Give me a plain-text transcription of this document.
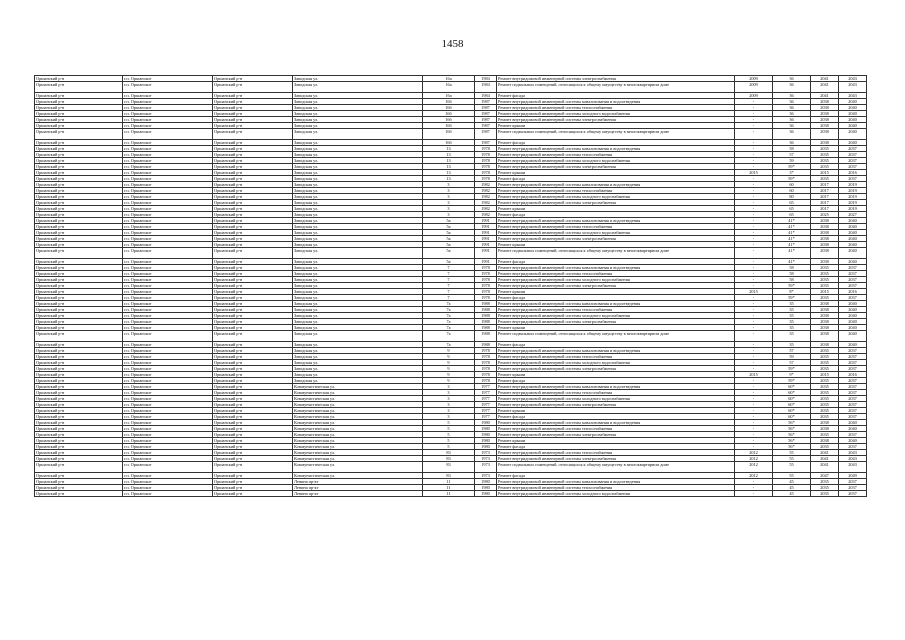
1458
Оршанский р-н	г.п. Оршанское	Оршанский р-н	Заводская ул.	16а	1984	Ремонт внутридомовой инженерной системы электроснабжения	2009	36	2041	2043
Оршанский р-н	г.п. Оршанское	Оршанский р-н	Заводская ул.	16а	1984	Ремонт подвальных помещений, относящихся к общему имуществу в многоквартирном доме	2009	36	2041	2043
Оршанский р-н	г.п. Оршанское	Оршанский р-н	Заводская ул.	16а	1984	Ремонт фасада	2009	36	2041	2043
Оршанский р-н	г.п. Оршанское	Оршанский р-н	Заводская ул.	16б	1987	Ремонт внутридомовой инженерной системы канализования и водоотведения	-	36	2038	2040
Оршанский р-н	г.п. Оршанское	Оршанский р-н	Заводская ул.	16б	1987	Ремонт внутридомовой инженерной системы теплоснабжения	-	36	2038	2040
Оршанский р-н	г.п. Оршанское	Оршанский р-н	Заводская ул.	16б	1987	Ремонт внутридомовой инженерной системы холодного водоснабжения	-	36	2038	2040
Оршанский р-н	г.п. Оршанское	Оршанский р-н	Заводская ул.	16б	1987	Ремонт внутридомовой инженерной системы электроснабжения	-	36	2038	2040
Оршанский р-н	г.п. Оршанское	Оршанский р-н	Заводская ул.	16б	1987	Ремонт крыши	-	36	2038	2040
Оршанский р-н	г.п. Оршанское	Оршанский р-н	Заводская ул.	16б	1987	Ремонт подвальных помещений, относящихся к общему имуществу в многоквартирном доме	-	36	2038	2040
Оршанский р-н	г.п. Оршанское	Оршанский р-н	Заводская ул.	16б	1987	Ремонт фасада	-	36	2038	2040
Оршанский р-н	г.п. Оршанское	Оршанский р-н	Заводская ул.	13	1978	Ремонт внутридомовой инженерной системы канализования и водоотведения	-	58	2035	2037
Оршанский р-н	г.п. Оршанское	Оршанский р-н	Заводская ул.	13	1978	Ремонт внутридомовой инженерной системы теплоснабжения	-	57	2035	2037
Оршанский р-н	г.п. Оршанское	Оршанский р-н	Заводская ул.	13	1978	Ремонт внутридомовой инженерной системы холодного водоснабжения	-	59	2035	2037
Оршанский р-н	г.п. Оршанское	Оршанский р-н	Заводская ул.	13	1978	Ремонт внутридомовой инженерной системы электроснабжения	-	59*	2035	2037
Оршанский р-н	г.п. Оршанское	Оршанский р-н	Заводская ул.	13	1978	Ремонт крыши	2015	3*	2015	2016
Оршанский р-н	г.п. Оршанское	Оршанский р-н	Заводская ул.	13	1978	Ремонт фасада	-	59*	2035	2037
Оршанский р-н	г.п. Оршанское	Оршанский р-н	Заводская ул.	3	1982	Ремонт внутридомовой инженерной системы канализования и водоотведения	-	60	2017	2019
Оршанский р-н	г.п. Оршанское	Оршанский р-н	Заводская ул.	3	1982	Ремонт внутридомовой инженерной системы теплоснабжения	-	60	2017	2019
Оршанский р-н	г.п. Оршанское	Оршанский р-н	Заводская ул.	3	1982	Ремонт внутридомовой инженерной системы холодного водоснабжения	-	80	2017	2019
Оршанский р-н	г.п. Оршанское	Оршанский р-н	Заводская ул.	3	1982	Ремонт внутридомовой инженерной системы электроснабжения	-	65	2017	2019
Оршанский р-н	г.п. Оршанское	Оршанский р-н	Заводская ул.	3	1982	Ремонт крыши	-	65	2017	2019
Оршанский р-н	г.п. Оршанское	Оршанский р-н	Заводская ул.	3	1982	Ремонт фасада	-	65	2025	2027
Оршанский р-н	г.п. Оршанское	Оршанский р-н	Заводская ул.	5а	1991	Ремонт внутридомовой инженерной системы канализования и водоотведения	-	41*	2038	2040
Оршанский р-н	г.п. Оршанское	Оршанский р-н	Заводская ул.	5а	1991	Ремонт внутридомовой инженерной системы теплоснабжения	-	41*	2038	2040
Оршанский р-н	г.п. Оршанское	Оршанский р-н	Заводская ул.	5а	1991	Ремонт внутридомовой инженерной системы холодного водоснабжения	-	41*	2038	2040
Оршанский р-н	г.п. Оршанское	Оршанский р-н	Заводская ул.	5а	1991	Ремонт внутридомовой инженерной системы электроснабжения	-	41*	2038	2040
Оршанский р-н	г.п. Оршанское	Оршанский р-н	Заводская ул.	5а	1991	Ремонт крыши	-	41*	2038	2040
Оршанский р-н	г.п. Оршанское	Оршанский р-н	Заводская ул.	5а	1991	Ремонт подвальных помещений, относящихся к общему имуществу в многоквартирном доме	-	41*	2038	2040
Оршанский р-н	г.п. Оршанское	Оршанский р-н	Заводская ул.	5а	1991	Ремонт фасада	-	41*	2038	2040
Оршанский р-н	г.п. Оршанское	Оршанский р-н	Заводская ул.	7	1978	Ремонт внутридомовой инженерной системы канализования и водоотведения	-	58	2035	2037
Оршанский р-н	г.п. Оршанское	Оршанский р-н	Заводская ул.	7	1978	Ремонт внутридомовой инженерной системы теплоснабжения	-	58	2035	2037
Оршанский р-н	г.п. Оршанское	Оршанский р-н	Заводская ул.	7	1978	Ремонт внутридомовой инженерной системы холодного водоснабжения	-	58	2035	2037
Оршанский р-н	г.п. Оршанское	Оршанский р-н	Заводская ул.	7	1978	Ремонт внутридомовой инженерной системы электроснабжения	-	59*	2035	2037
Оршанский р-н	г.п. Оршанское	Оршанский р-н	Заводская ул.	7	1978	Ремонт крыши	2015	8*	2015	2016
Оршанский р-н	г.п. Оршанское	Оршанский р-н	Заводская ул.	7	1978	Ремонт фасада	-	59*	2035	2037
Оршанский р-н	г.п. Оршанское	Оршанский р-н	Заводская ул.	7а	1988	Ремонт внутридомовой инженерной системы канализования и водоотведения	-	35	2038	2040
Оршанский р-н	г.п. Оршанское	Оршанский р-н	Заводская ул.	7а	1988	Ремонт внутридомовой инженерной системы теплоснабжения	-	35	2038	2040
Оршанский р-н	г.п. Оршанское	Оршанский р-н	Заводская ул.	7а	1988	Ремонт внутридомовой инженерной системы холодного водоснабжения	-	35	2038	2040
Оршанский р-н	г.п. Оршанское	Оршанский р-н	Заводская ул.	7а	1988	Ремонт внутридомовой инженерной системы электроснабжения	-	35	2038	2040
Оршанский р-н	г.п. Оршанское	Оршанский р-н	Заводская ул.	7а	1988	Ремонт крыши	-	35	2038	2040
Оршанский р-н	г.п. Оршанское	Оршанский р-н	Заводская ул.	7а	1988	Ремонт подвальных помещений, относящихся к общему имуществу в многоквартирном доме	-	35	2038	2040
Оршанский р-н	г.п. Оршанское	Оршанский р-н	Заводская ул.	7а	1988	Ремонт фасада	-	35	2038	2040
Оршанский р-н	г.п. Оршанское	Оршанский р-н	Заводская ул.	9	1978	Ремонт внутридомовой инженерной системы канализования и водоотведения	-	57	2035	2037
Оршанский р-н	г.п. Оршанское	Оршанский р-н	Заводская ул.	9	1978	Ремонт внутридомовой инженерной системы теплоснабжения	-	59	2035	2037
Оршанский р-н	г.п. Оршанское	Оршанский р-н	Заводская ул.	9	1978	Ремонт внутридомовой инженерной системы холодного водоснабжения	-	57	2035	2037
Оршанский р-н	г.п. Оршанское	Оршанский р-н	Заводская ул.	9	1978	Ремонт внутридомовой инженерной системы электроснабжения	-	59*	2035	2037
Оршанский р-н	г.п. Оршанское	Оршанский р-н	Заводская ул.	9	1978	Ремонт крыши	2015	9*	2015	2016
Оршанский р-н	г.п. Оршанское	Оршанский р-н	Заводская ул.	9	1978	Ремонт фасада	-	59*	2035	2037
Оршанский р-н	г.п. Оршанское	Оршанский р-н	Коммунистическая ул.	3	1977	Ремонт внутридомовой инженерной системы канализования и водоотведения	-	60*	2035	2037
Оршанский р-н	г.п. Оршанское	Оршанский р-н	Коммунистическая ул.	3	1977	Ремонт внутридомовой инженерной системы теплоснабжения	-	60*	2035	2037
Оршанский р-н	г.п. Оршанское	Оршанский р-н	Коммунистическая ул.	3	1977	Ремонт внутридомовой инженерной системы холодного водоснабжения	-	60*	2035	2037
Оршанский р-н	г.п. Оршанское	Оршанский р-н	Коммунистическая ул.	3	1977	Ремонт внутридомовой инженерной системы электроснабжения	-	60*	2035	2037
Оршанский р-н	г.п. Оршанское	Оршанский р-н	Коммунистическая ул.	3	1977	Ремонт крыши	-	60*	2035	2037
Оршанский р-н	г.п. Оршанское	Оршанский р-н	Коммунистическая ул.	3	1977	Ремонт фасада	-	60*	2035	2037
Оршанский р-н	г.п. Оршанское	Оршанский р-н	Коммунистическая ул.	5	1980	Ремонт внутридомовой инженерной системы канализования и водоотведения	-	56*	2038	2040
Оршанский р-н	г.п. Оршанское	Оршанский р-н	Коммунистическая ул.	5	1980	Ремонт внутридомовой инженерной системы теплоснабжения	-	56*	2038	2040
Оршанский р-н	г.п. Оршанское	Оршанский р-н	Коммунистическая ул.	5	1980	Ремонт внутридомовой инженерной системы электроснабжения	-	56*	2035	2037
Оршанский р-н	г.п. Оршанское	Оршанский р-н	Коммунистическая ул.	5	1980	Ремонт крыши	-	56*	2038	2040
Оршанский р-н	г.п. Оршанское	Оршанский р-н	Коммунистическая ул.	5	1980	Ремонт фасада	-	56*	2035	2037
Оршанский р-н	г.п. Оршанское	Оршанский р-н	Коммунистическая ул.	83	1973	Ремонт внутридомовой инженерной системы теплоснабжения	2012	55	2041	2043
Оршанский р-н	г.п. Оршанское	Оршанский р-н	Коммунистическая ул.	83	1973	Ремонт внутридомовой инженерной системы электроснабжения	2012	55	2041	2043
Оршанский р-н	г.п. Оршанское	Оршанский р-н	Коммунистическая ул.	83	1973	Ремонт подвальных помещений, относящихся к общему имуществу в многоквартирном доме	2012	55	2041	2043
Оршанский р-н	г.п. Оршанское	Оршанский р-н	Коммунистическая ул.	83	1973	Ремонт фасада	2012	55	2047	2049
Оршанский р-н	г.п. Оршанское	Оршанский р-н	Ленина пр-кт	11	1980	Ремонт внутридомовой инженерной системы канализования и водоотведения	-	45	2035	2037
Оршанский р-н	г.п. Оршанское	Оршанский р-н	Ленина пр-кт	11	1980	Ремонт внутридомовой инженерной системы теплоснабжения	-	45	2035	2037
Оршанский р-н	г.п. Оршанское	Оршанский р-н	Ленина пр-кт	11	1980	Ремонт внутридомовой инженерной системы холодного водоснабжения	-	45	2035	2037
